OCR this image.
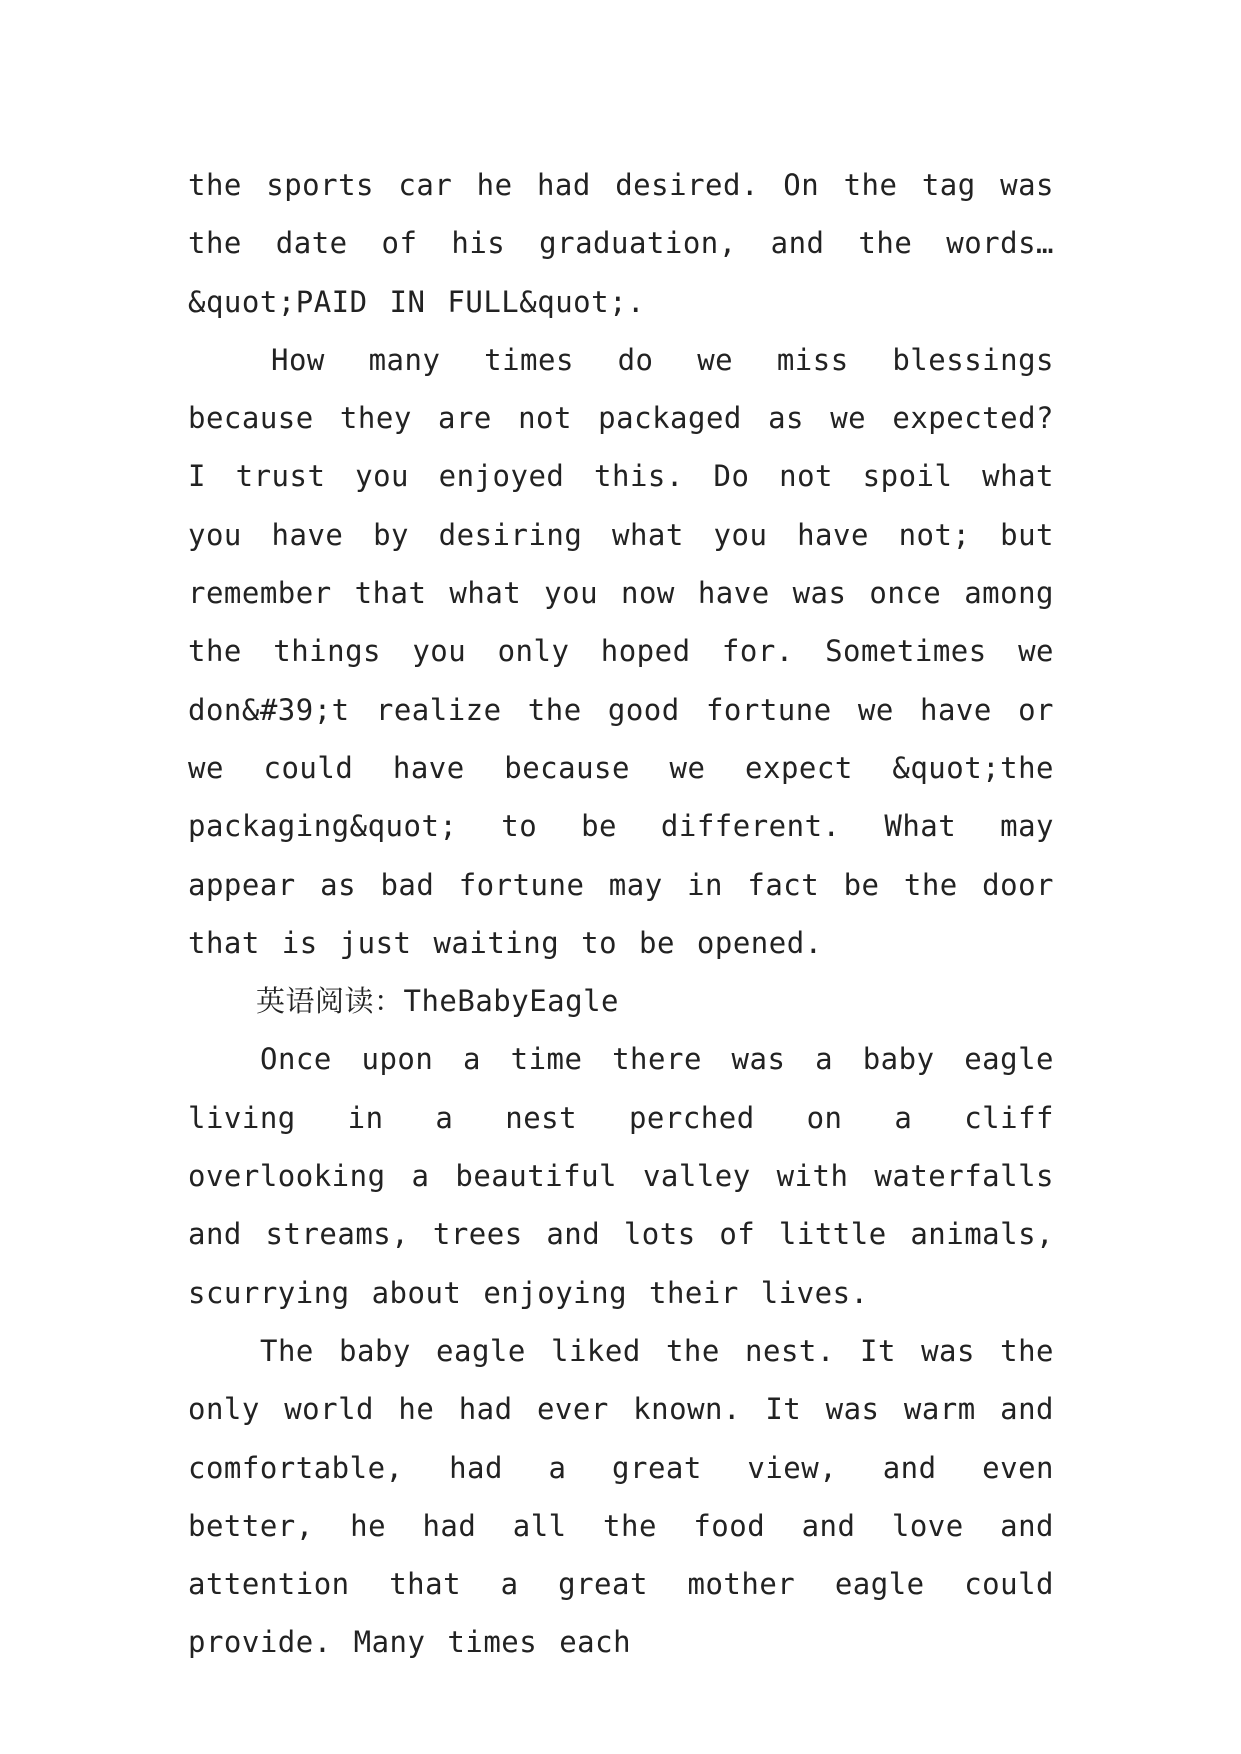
the sports car he had desired. On the tag was the date of his graduation, and the words… &quot;PAID IN FULL&quot;.

How many times do we miss blessings because they are not packaged as we expected? I trust you enjoyed this. Do not spoil what you have by desiring what you have not; but remember that what you now have was once among the things you only hoped for. Sometimes we don&#39;t realize the good fortune we have or we could have because we expect &quot;the packaging&quot; to be different. What may appear as bad fortune may in fact be the door that is just waiting to be opened.

英语阅读：TheBabyEagle

Once upon a time there was a baby eagle living in a nest perched on a cliff overlooking a beautiful valley with waterfalls and streams, trees and lots of little animals, scurrying about enjoying their lives.

The baby eagle liked the nest. It was the only world he had ever known. It was warm and comfortable, had a great view, and even better, he had all the food and love and attention that a great mother eagle could provide. Many times each
